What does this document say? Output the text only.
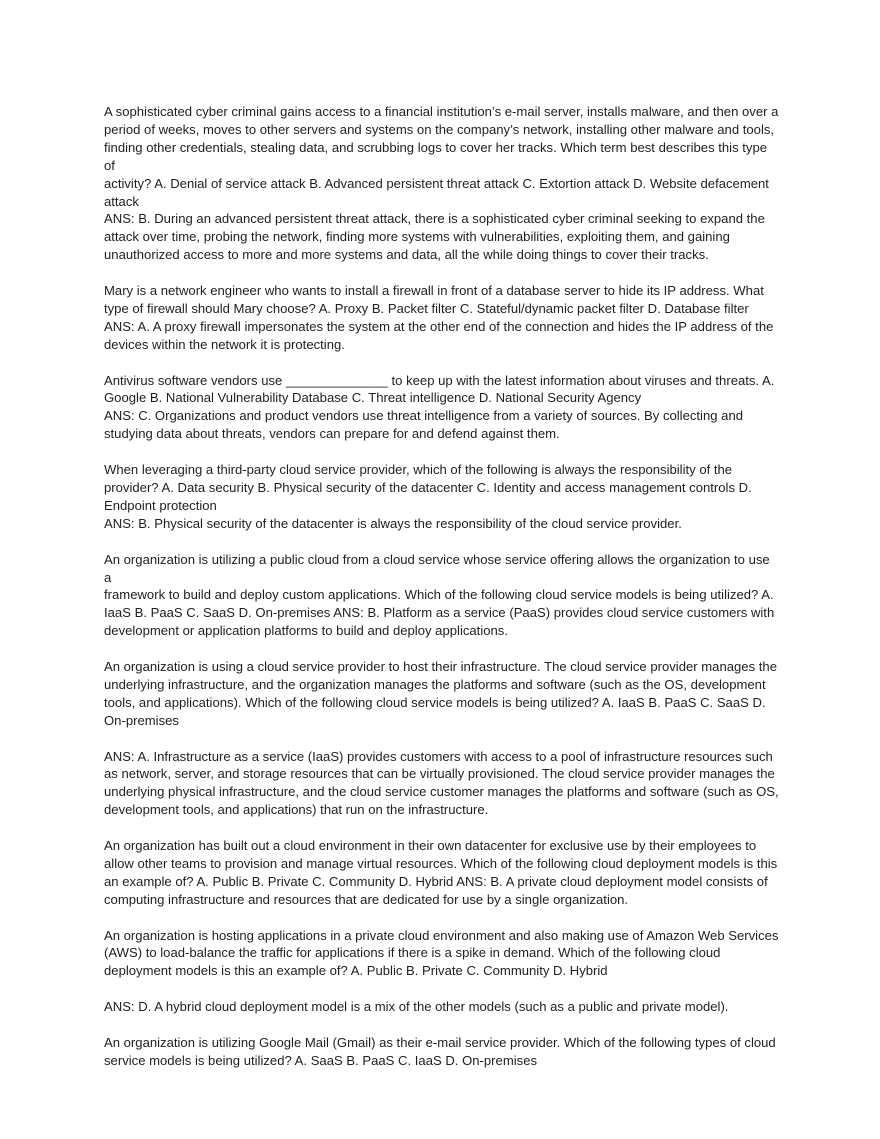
A sophisticated cyber criminal gains access to a financial institution’s e-mail server, installs malware, and then over a
period of weeks, moves to other servers and systems on the company’s network, installing other malware and tools,
finding other credentials, stealing data, and scrubbing logs to cover her tracks. Which term best describes this type of
activity? A. Denial of service attack B. Advanced persistent threat attack C. Extortion attack D. Website defacement
attack
ANS: B. During an advanced persistent threat attack, there is a sophisticated cyber criminal seeking to expand the
attack over time, probing the network, finding more systems with vulnerabilities, exploiting them, and gaining
unauthorized access to more and more systems and data, all the while doing things to cover their tracks.

Mary is a network engineer who wants to install a firewall in front of a database server to hide its IP address. What
type of firewall should Mary choose? A. Proxy B. Packet filter C. Stateful/dynamic packet filter D. Database filter
ANS: A. A proxy firewall impersonates the system at the other end of the connection and hides the IP address of the
devices within the network it is protecting.

Antivirus software vendors use ______________ to keep up with the latest information about viruses and threats. A.
Google B. National Vulnerability Database C. Threat intelligence D. National Security Agency
ANS: C. Organizations and product vendors use threat intelligence from a variety of sources. By collecting and
studying data about threats, vendors can prepare for and defend against them.

When leveraging a third-party cloud service provider, which of the following is always the responsibility of the
provider? A. Data security B. Physical security of the datacenter C. Identity and access management controls D.
Endpoint protection
ANS: B. Physical security of the datacenter is always the responsibility of the cloud service provider.

An organization is utilizing a public cloud from a cloud service whose service offering allows the organization to use a
framework to build and deploy custom applications. Which of the following cloud service models is being utilized? A.
IaaS B. PaaS C. SaaS D. On-premises ANS: B. Platform as a service (PaaS) provides cloud service customers with
development or application platforms to build and deploy applications.

An organization is using a cloud service provider to host their infrastructure. The cloud service provider manages the
underlying infrastructure, and the organization manages the platforms and software (such as the OS, development
tools, and applications). Which of the following cloud service models is being utilized? A. IaaS B. PaaS C. SaaS D.
On-premises

ANS: A. Infrastructure as a service (IaaS) provides customers with access to a pool of infrastructure resources such
as network, server, and storage resources that can be virtually provisioned. The cloud service provider manages the
underlying physical infrastructure, and the cloud service customer manages the platforms and software (such as OS,
development tools, and applications) that run on the infrastructure.

An organization has built out a cloud environment in their own datacenter for exclusive use by their employees to
allow other teams to provision and manage virtual resources. Which of the following cloud deployment models is this
an example of? A. Public B. Private C. Community D. Hybrid ANS: B. A private cloud deployment model consists of
computing infrastructure and resources that are dedicated for use by a single organization.

An organization is hosting applications in a private cloud environment and also making use of Amazon Web Services
(AWS) to load-balance the traffic for applications if there is a spike in demand. Which of the following cloud
deployment models is this an example of? A. Public B. Private C. Community D. Hybrid

ANS: D. A hybrid cloud deployment model is a mix of the other models (such as a public and private model).

An organization is utilizing Google Mail (Gmail) as their e-mail service provider. Which of the following types of cloud
service models is being utilized? A. SaaS B. PaaS C. IaaS D. On-premises
